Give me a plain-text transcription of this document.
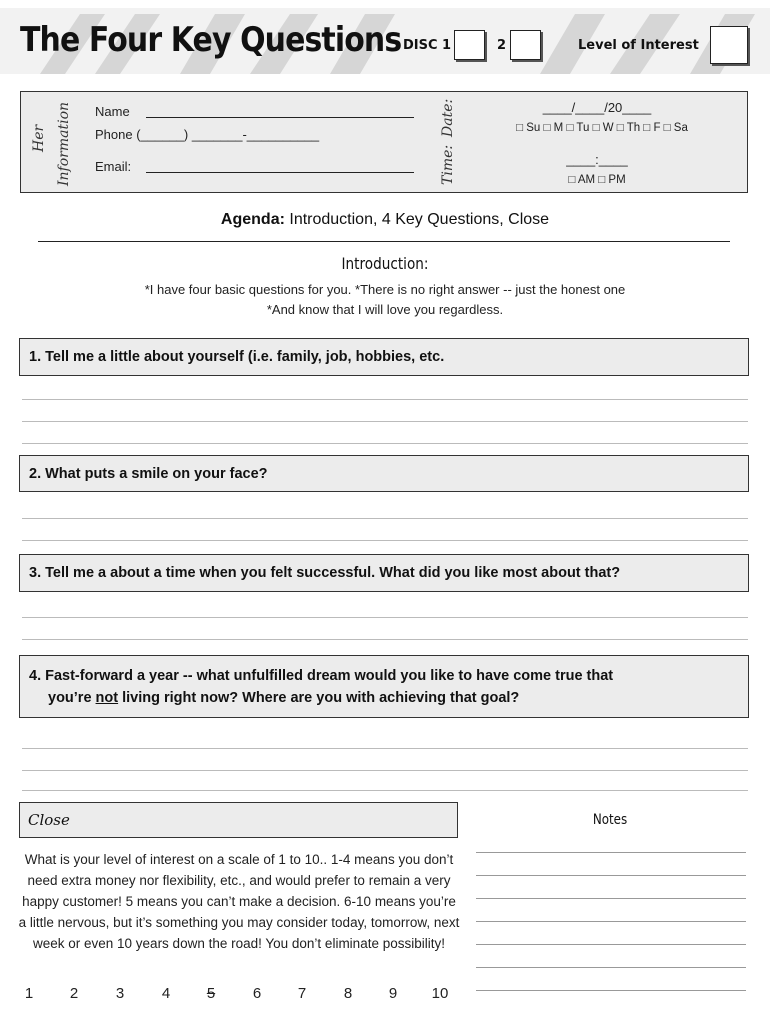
The Four Key Questions DISC 1	2	Level of Interest
Her Information Name
Phone (______) _______-__________
Email:
Date:
Time:
____/____/20____
□ Su □ M □ Tu □ W □ Th □ F □ Sa
____:____
□ AM □ PM
Agenda: Introduction, 4 Key Questions, Close
Introduction:
*I have four basic questions for you. *There is no right answer -- just the honest one
*And know that I will love you regardless.
1. Tell me a little about yourself (i.e. family, job, hobbies, etc.
2. What puts a smile on your face?
3. Tell me a about a time when you felt successful. What did you like most about that?
4. Fast-forward a year -- what unfulfilled dream would you like to have come true that
you’re not living right now? Where are you with achieving that goal?
Close
What is your level of interest on a scale of 1 to 10.. 1-4 means you don’t need extra money nor flexibility, etc., and would prefer to remain a very happy customer! 5 means you can’t make a decision. 6-10 means you’re a little nervous, but it’s something you may consider today, tomorrow, next week or even 10 years down the road! You don’t eliminate possibility!
1	2	3	4	5	6	7	8	9	10
Notes
